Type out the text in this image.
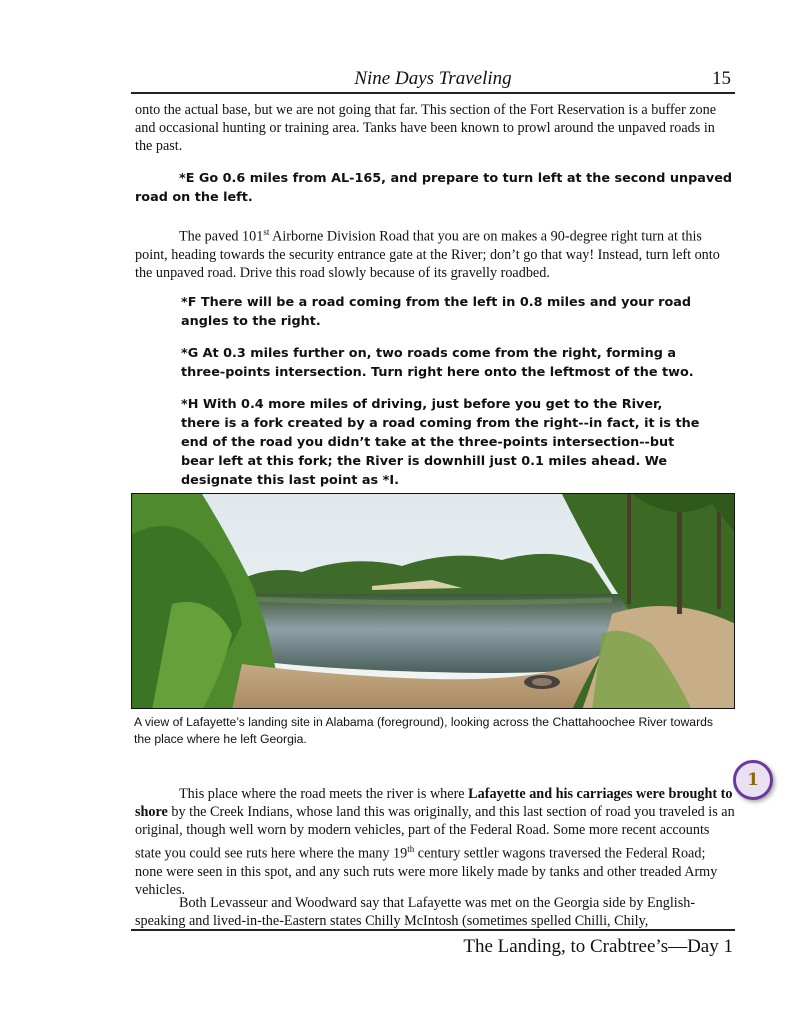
Nine Days Traveling	15

onto the actual base, but we are not going that far. This section of the Fort Reservation is a buffer zone and occasional hunting or training area. Tanks have been known to prowl around the unpaved roads in the past.

*E Go 0.6 miles from AL-165, and prepare to turn left at the second unpaved road on the left.

The paved 101st Airborne Division Road that you are on makes a 90-degree right turn at this point, heading towards the security entrance gate at the River; don’t go that way! Instead, turn left onto the unpaved road. Drive this road slowly because of its gravelly roadbed.

*F There will be a road coming from the left in 0.8 miles and your road angles to the right.

*G At 0.3 miles further on, two roads come from the right, forming a three-points intersection. Turn right here onto the leftmost of the two.

*H With 0.4 more miles of driving, just before you get to the River, there is a fork created by a road coming from the right--in fact, it is the end of the road you didn’t take at the three-points intersection--but bear left at this fork; the River is downhill just 0.1 miles ahead. We designate this last point as *I.

A view of Lafayette’s landing site in Alabama (foreground), looking across the Chattahoochee River towards the place where he left Georgia.

1

This place where the road meets the river is where Lafayette and his carriages were brought to shore by the Creek Indians, whose land this was originally, and this last section of road you traveled is an original, though well worn by modern vehicles, part of the Federal Road. Some more recent accounts state you could see ruts here where the many 19th century settler wagons traversed the Federal Road; none were seen in this spot, and any such ruts were more likely made by tanks and other treaded Army vehicles.

Both Levasseur and Woodward say that Lafayette was met on the Georgia side by English-speaking and lived-in-the-Eastern states Chilly McIntosh (sometimes spelled Chilli, Chily,

The Landing, to Crabtree’s—Day 1
